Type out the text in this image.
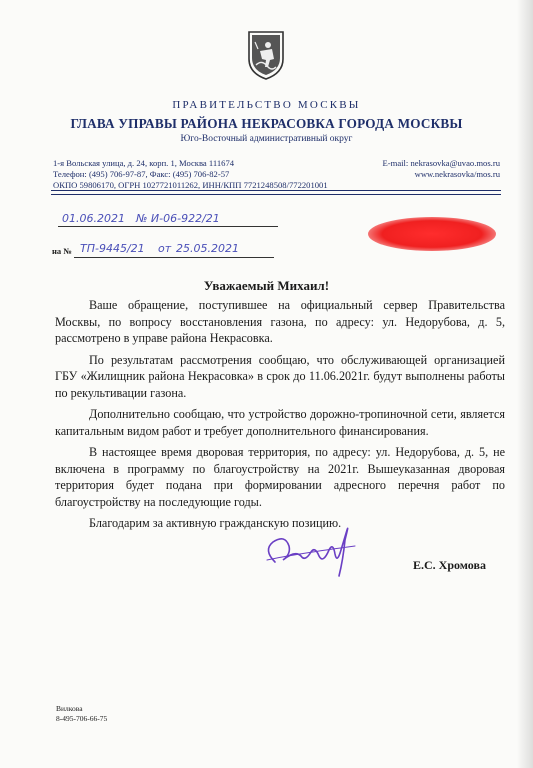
ПРАВИТЕЛЬСТВО МОСКВЫ
ГЛАВА УПРАВЫ РАЙОНА НЕКРАСОВКА ГОРОДА МОСКВЫ
Юго-Восточный административный округ
1-я Вольская улица, д. 24, корп. 1, Москва 111674
Телефон: (495) 706-97-87, Факс: (495) 706-82-57
ОКПО 59806170, ОГРН 1027721011262, ИНН/КПП 7721248508/772201001
E-mail: nekrasovka@uvao.mos.ru
www.nekrasovka/mos.ru
01.06.2021 № И-06-922/21
на № ТП-9445/21 от 25.05.2021
Уважаемый Михаил!

Ваше обращение, поступившее на официальный сервер Правительства Москвы, по вопросу восстановления газона, по адресу: ул. Недорубова, д. 5, рассмотрено в управе района Некрасовка.

По результатам рассмотрения сообщаю, что обслуживающей организацией ГБУ «Жилищник района Некрасовка» в срок до 11.06.2021г. будут выполнены работы по рекультивации газона.

Дополнительно сообщаю, что устройство дорожно-тропиночной сети, является капитальным видом работ и требует дополнительного финансирования.

В настоящее время дворовая территория, по адресу: ул. Недорубова, д. 5, не включена в программу по благоустройству на 2021г. Вышеуказанная дворовая территория будет подана при формировании адресного перечня работ по благоустройству на последующие годы.

Благодарим за активную гражданскую позицию.

Е.С. Хромова
Вилкова
8-495-706-66-75
